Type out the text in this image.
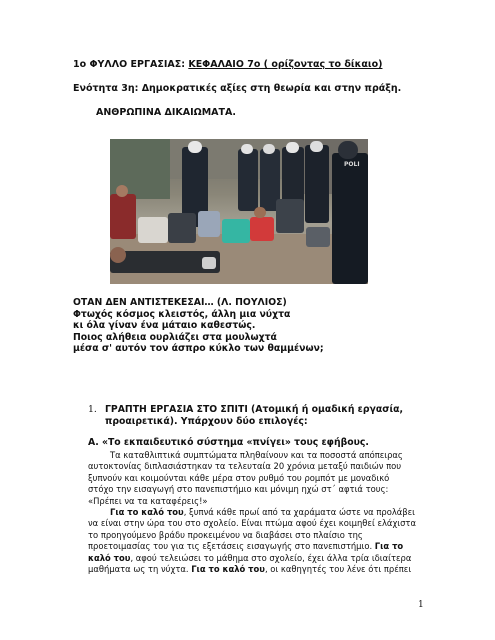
1ο ΦΥΛΛΟ ΕΡΓΑΣΙΑΣ: ΚΕΦΑΛΑΙΟ 7ο ( ορίζοντας το δίκαιο)
Ενότητα 3η: Δημοκρατικές αξίες στη θεωρία και στην πράξη.
ΑΝΘΡΩΠΙΝΑ ΔΙΚΑΙΩΜΑΤΑ.
POLI
ΟΤΑΝ ΔΕΝ ΑΝΤΙΣΤΕΚΕΣΑΙ… (Λ. ΠΟΥΛΙΟΣ)
Φτωχός κόσμος κλειστός, άλλη μια νύχτα
κι όλα γίναν ένα μάταιο καθεστώς.
Ποιος αλήθεια ουρλιάζει στα μουλωχτά
μέσα σ' αυτόν τον άσπρο κύκλο των θαμμένων;
1. ΓΡΑΠΤΗ ΕΡΓΑΣΙΑ ΣΤΟ ΣΠΙΤΙ (Ατομική ή ομαδική εργασία,
προαιρετικά). Υπάρχουν δύο επιλογές:
Α. «Το εκπαιδευτικό σύστημα «πνίγει» τους εφήβους.

Τα καταθλιπτικά συμπτώματα πληθαίνουν και τα ποσοστά απόπειρας

αυτοκτονίας διπλασιάστηκαν τα τελευταία 20 χρόνια μεταξύ παιδιών που

ξυπνούν και κοιμούνται κάθε μέρα στον ρυθμό του ρομπότ με μοναδικό

στόχο την εισαγωγή στο πανεπιστήμιο και μόνιμη ηχώ στ΄ αφτιά τους:

«Πρέπει να τα καταφέρεις!»

Για το καλό του, ξυπνά κάθε πρωί από τα χαράματα ώστε να προλάβει

να είναι στην ώρα του στο σχολείο. Είναι πτώμα αφού έχει κοιμηθεί ελάχιστα

το προηγούμενο βράδυ προκειμένου να διαβάσει στο πλαίσιο της

προετοιμασίας του για τις εξετάσεις εισαγωγής στο πανεπιστήμιο. Για το

καλό του, αφού τελειώσει το μάθημα στο σχολείο, έχει άλλα τρία ιδιαίτερα

μαθήματα ως τη νύχτα. Για το καλό του, οι καθηγητές του λένε ότι πρέπει

1
